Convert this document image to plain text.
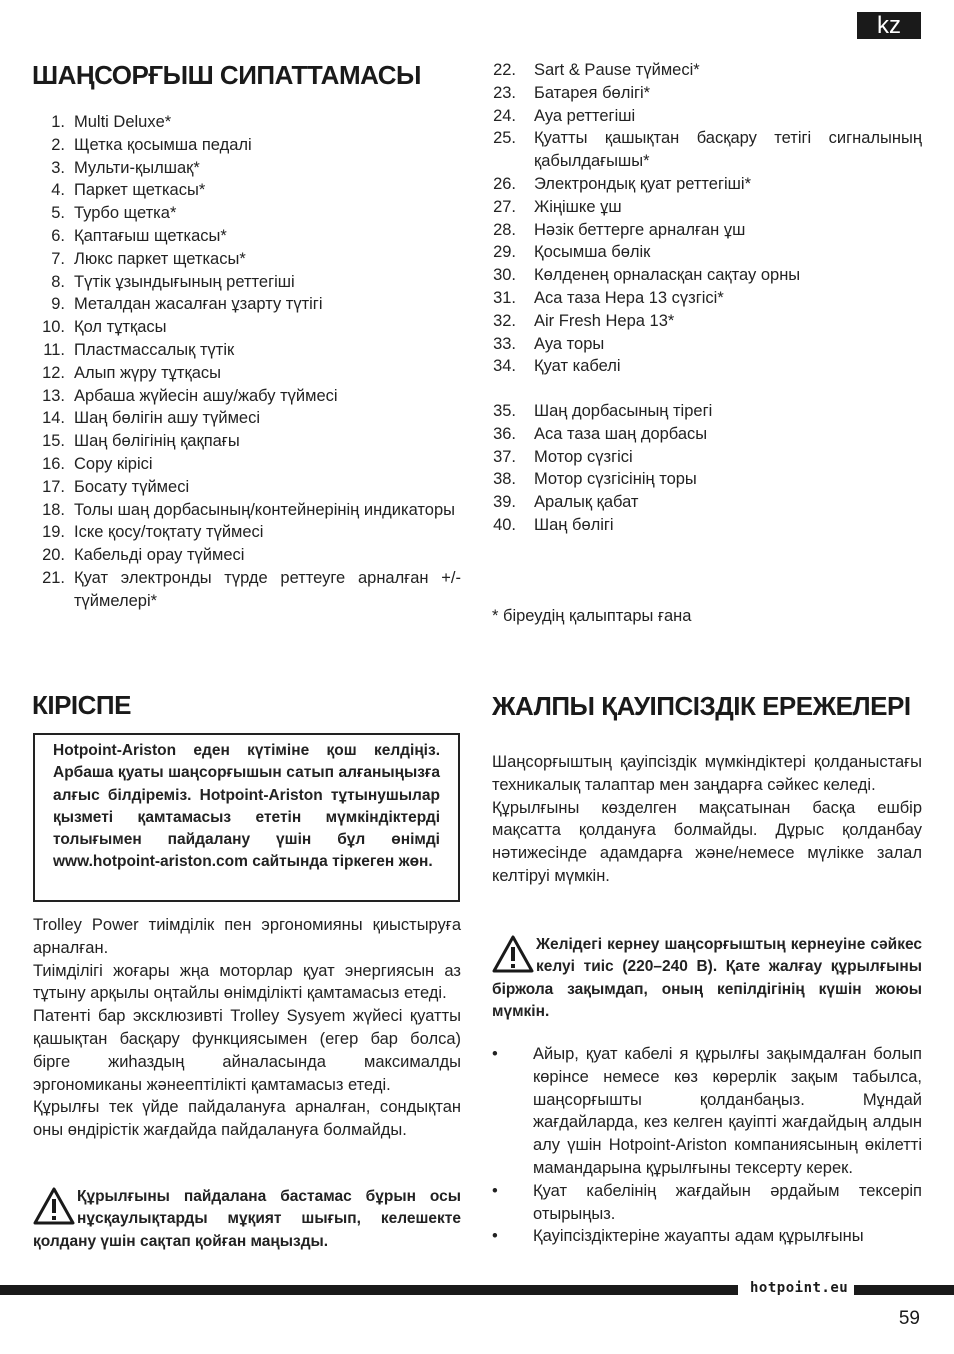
kz
ШАҢСОРҒЫШ СИПАТТАМАСЫ
1. Multi Deluxe*
2. Щетка қосымша педалі
3. Мульти-қылшақ*
4. Паркет щеткасы*
5. Турбо щетка*
6. Қаптағыш щеткасы*
7. Люкс паркет щеткасы*
8. Түтік ұзындығының реттегіші
9. Металдан жасалған ұзарту түтігі
10. Қол тұтқасы
11. Пластмассалық түтік
12. Алып жүру тұтқасы
13. Арбаша жүйесін ашу/жабу түймесі
14. Шаң бөлігін ашу түймесі
15. Шаң бөлігінің қақпағы
16. Сору кірісі
17. Босату түймесі
18. Толы шаң дорбасының/контейнерінің индикаторы
19. Іске қосу/тоқтату түймесі
20. Кабельді орау түймесі
21. Қуат электронды түрде реттеуге арналған +/- түймелері*
22. Sart & Pause түймесі*
23. Батарея бөлігі*
24. Ауа реттегіші
25. Қуатты қашықтан басқару тетігі сигналының қабылдағышы*
26. Электрондық қуат реттегіші*
27. Жіңішке ұш
28. Нәзік беттерге арналған ұш
29. Қосымша бөлік
30. Көлденең орналасқан сақтау орны
31. Аса таза Hepa 13 сүзгісі*
32. Air Fresh Hepa 13*
33. Ауа торы
34. Қуат кабелі
35. Шаң дорбасының тірегі
36. Аса таза шаң дорбасы
37. Мотор сүзгісі
38. Мотор сүзгісінің торы
39. Аралық қабат
40. Шаң бөлігі
* біреудің қалыптары ғана
КІРІСПЕ
Hotpoint-Ariston еден күтіміне қош келдіңіз. Арбаша қуаты шаңсорғышын сатып алғаныңызға алғыс білдіреміз. Hotpoint-Ariston тұтынушылар қызметі қамтамасыз ететін мүмкіндіктерді толығымен пайдалану үшін бұл өнімді www.hotpoint-ariston.com сайтында тіркеген жөн.

Trolley Power тиімділік пен эргономияны қиыстыруға арналған.

Тиімділігі жоғары жңа моторлар қуат энергиясын аз тұтыну арқылы оңтайлы өнімділікті қамтамасыз етеді.

Патенті бар эксклюзивті Trolley Sysyem жүйесі қуатты қашықтан басқару функциясымен (егер бар болса) бірге жиһаздың айналасында максималды эргономиканы жәнеептілікті қамтамасыз етеді.

Құрылғы тек үйде пайдалануға арналған, сондықтан оны өндірістік жағдайда пайдалануға болмайды.

Құрылғыны пайдалана бастамас бұрын осы нұсқаулықтарды мұқият шығып, келешекте қолдану үшін сақтап қойған маңызды.
ЖАЛПЫ ҚАУІПСІЗДІК ЕРЕЖЕЛЕРІ

Шаңсорғыштың қауіпсіздік мүмкіндіктері қолданыстағы техникалық талаптар мен заңдарға сәйкес келеді.

Құрылғыны көзделген мақсатынан басқа ешбір мақсатта қолдануға болмайды. Дұрыс қолданбау нәтижесінде адамдарға және/немесе мүлікке залал келтіруі мүмкін.

Желідегі кернеу шаңсорғыштың кернеуіне сәйкес келуі тиіс (220–240 В). Қате жалғау құрылғыны біржола зақымдап, оның кепілдігінің күшін жоюы мүмкін.
• Айыр, қуат кабелі я құрылғы зақымдалған болып көрінсе немесе көз көрерлік зақым табылса, шаңсорғышты қолданбаңыз. Мұндай жағдайларда, кез келген қауіпті жағдайдың алдын алу үшін Hotpoint-Ariston компаниясының өкілетті мамандарына құрылғыны тексерту керек.
• Қуат кабелінің жағдайын әрдайым тексеріп отырыңыз.
• Қауіпсіздіктеріне жауапты адам құрылғыны
hotpoint.eu
59
